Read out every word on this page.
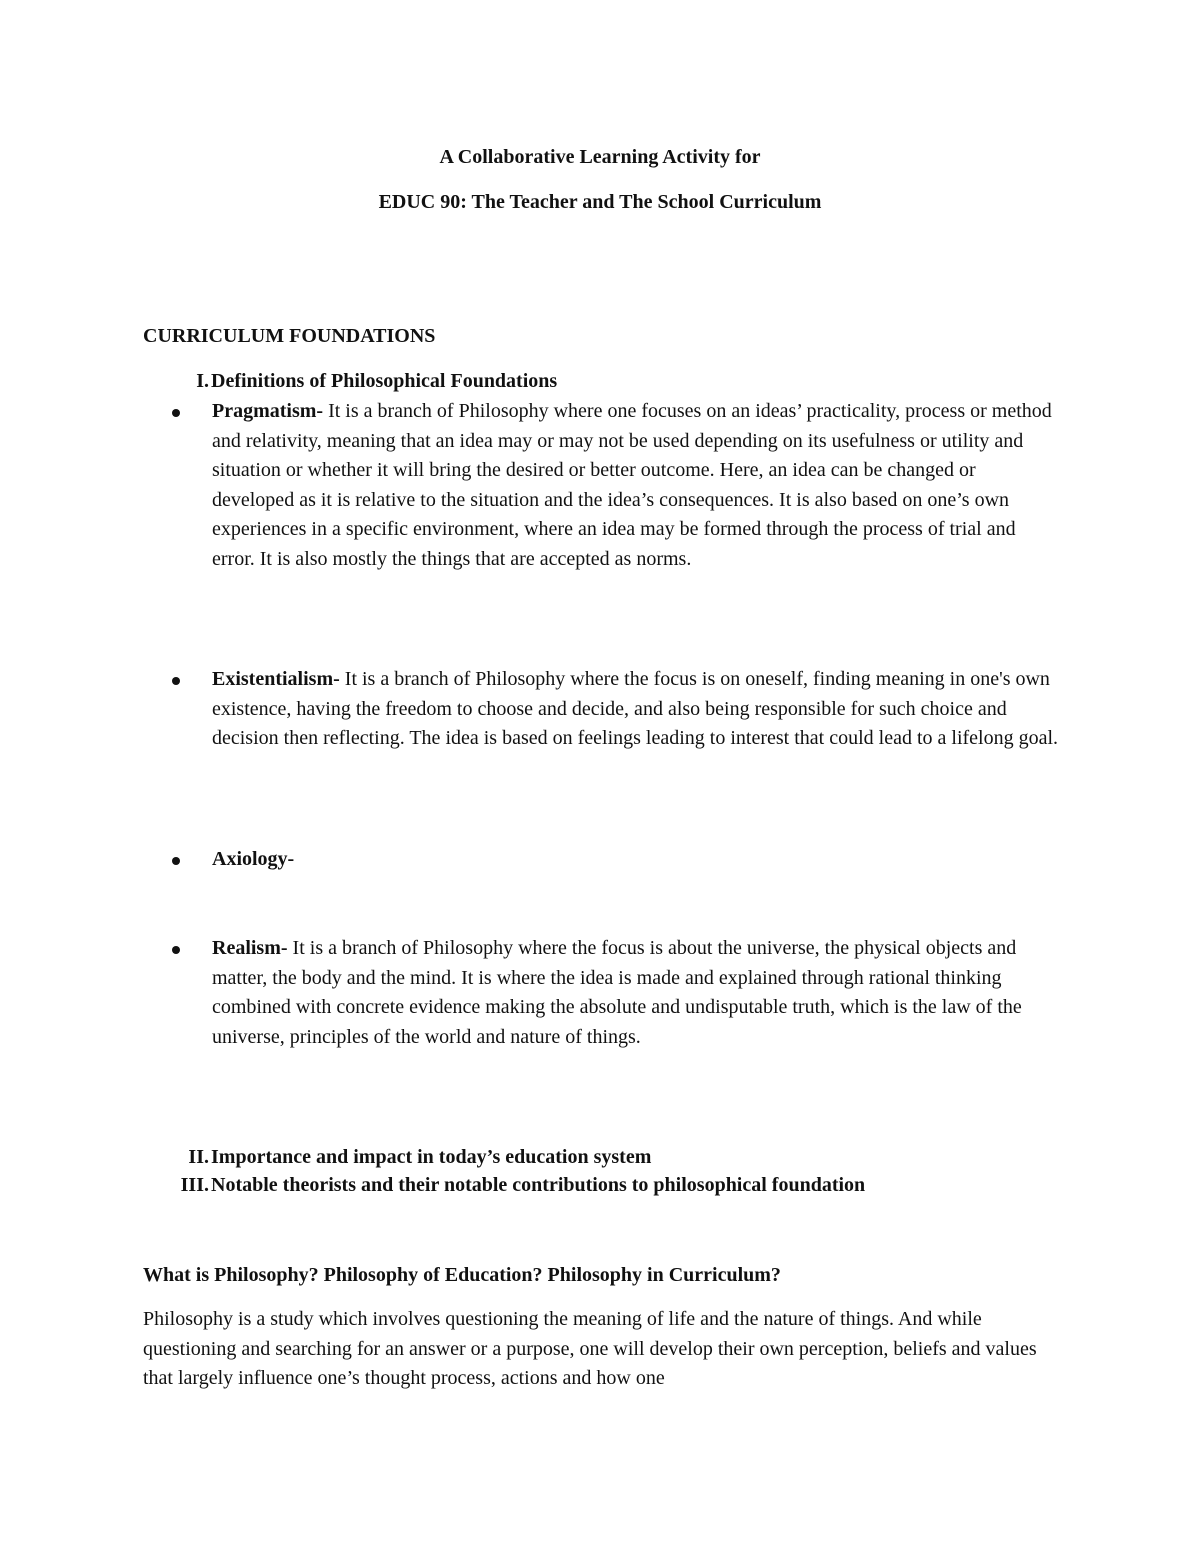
A Collaborative Learning Activity for
EDUC 90: The Teacher and The School Curriculum
CURRICULUM FOUNDATIONS
I. Definitions of Philosophical Foundations
Pragmatism- It is a branch of Philosophy where one focuses on an ideas’ practicality, process or method and relativity, meaning that an idea may or may not be used depending on its usefulness or utility and situation or whether it will bring the desired or better outcome. Here, an idea can be changed or developed as it is relative to the situation and the idea’s consequences. It is also based on one’s own experiences in a specific environment, where an idea may be formed through the process of trial and error. It is also mostly the things that are accepted as norms.
Existentialism- It is a branch of Philosophy where the focus is on oneself, finding meaning in one's own existence, having the freedom to choose and decide, and also being responsible for such choice and decision then reflecting. The idea is based on feelings leading to interest that could lead to a lifelong goal.
Axiology-
Realism- It is a branch of Philosophy where the focus is about the universe, the physical objects and matter, the body and the mind. It is where the idea is made and explained through rational thinking combined with concrete evidence making the absolute and undisputable truth, which is the law of the universe, principles of the world and nature of things.
II. Importance and impact in today’s education system
III. Notable theorists and their notable contributions to philosophical foundation
What is Philosophy? Philosophy of Education? Philosophy in Curriculum?
Philosophy is a study which involves questioning the meaning of life and the nature of things. And while questioning and searching for an answer or a purpose, one will develop their own perception, beliefs and values that largely influence one’s thought process, actions and how one
